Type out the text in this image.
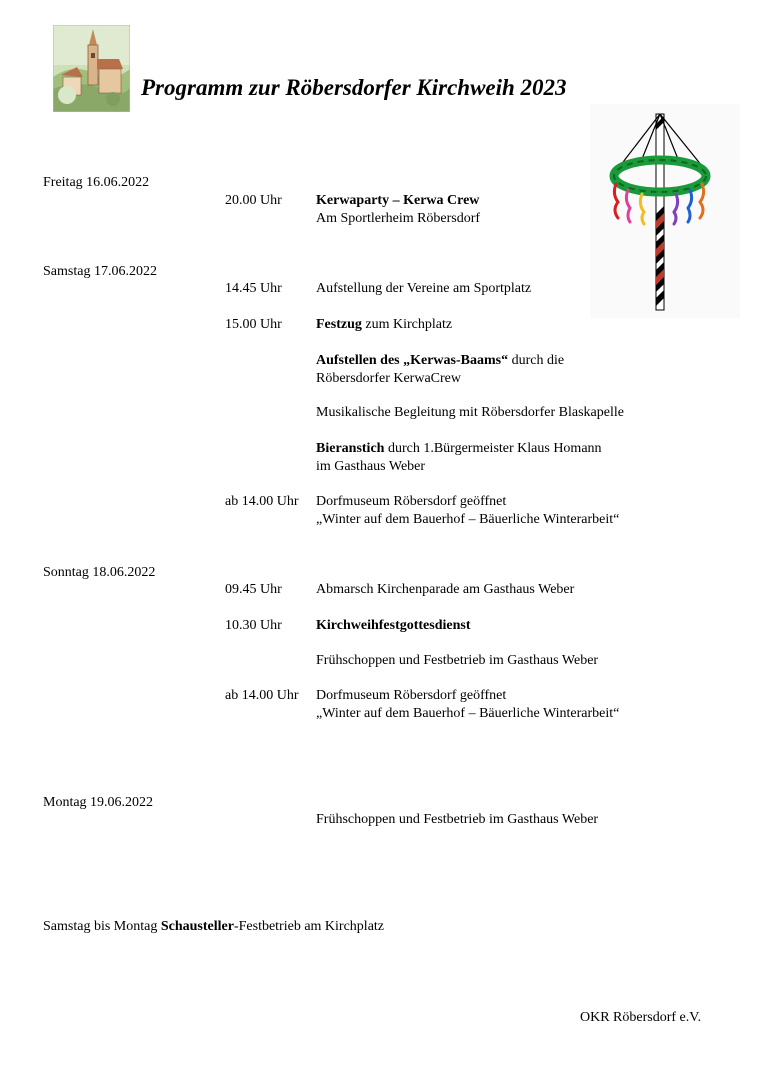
Programm zur Röbersdorfer Kirchweih 2023
Freitag 16.06.2022
20.00 Uhr Kerwaparty – Kerwa Crew
Am Sportlerheim Röbersdorf
Samstag 17.06.2022
14.45 Uhr Aufstellung der Vereine am Sportplatz
15.00 Uhr Festzug zum Kirchplatz
Aufstellen des „Kerwas-Baams“ durch die
Röbersdorfer KerwaCrew
Musikalische Begleitung mit Röbersdorfer Blaskapelle
Bieranstich durch 1.Bürgermeister Klaus Homann
im Gasthaus Weber
ab 14.00 Uhr Dorfmuseum Röbersdorf geöffnet
„Winter auf dem Bauerhof – Bäuerliche Winterarbeit“
Sonntag 18.06.2022
09.45 Uhr Abmarsch Kirchenparade am Gasthaus Weber
10.30 Uhr Kirchweihfestgottesdienst
Frühschoppen und Festbetrieb im Gasthaus Weber
ab 14.00 Uhr Dorfmuseum Röbersdorf geöffnet
„Winter auf dem Bauerhof – Bäuerliche Winterarbeit“
Montag 19.06.2022
Frühschoppen und Festbetrieb im Gasthaus Weber
Samstag bis Montag Schausteller-Festbetrieb am Kirchplatz
OKR Röbersdorf e.V.
